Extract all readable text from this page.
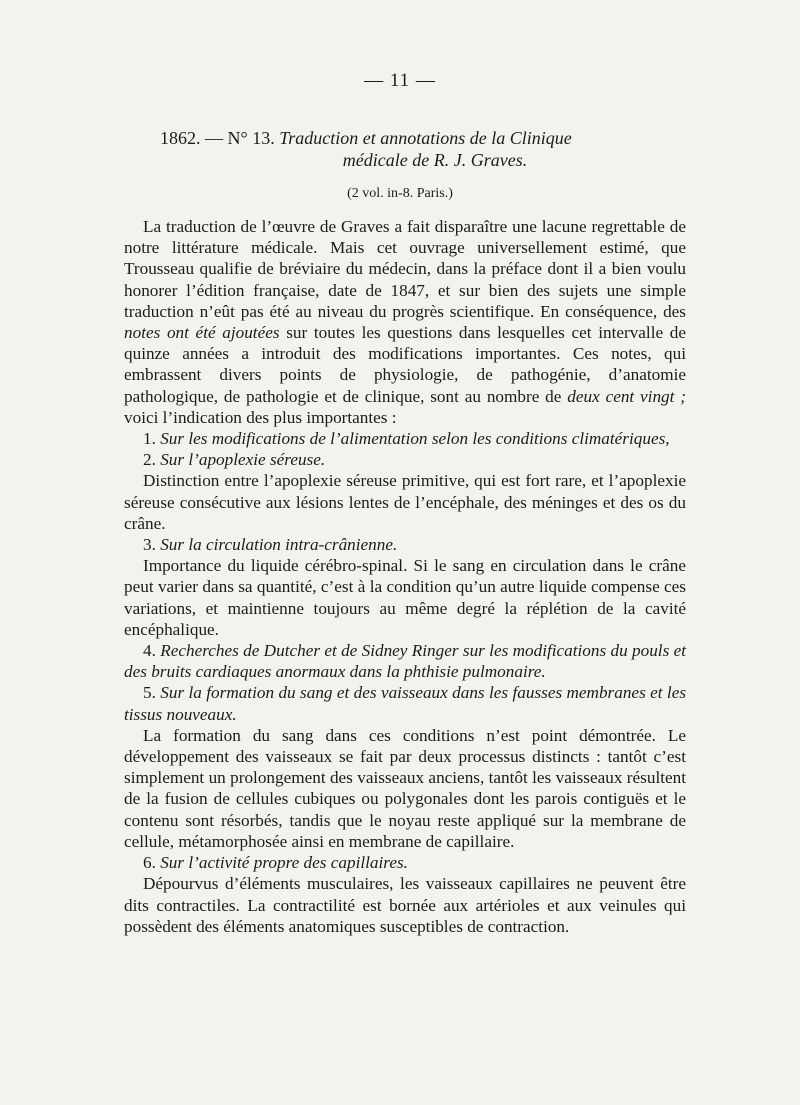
— 11 —
1862. — N° 13. Traduction et annotations de la Clinique
médicale de R. J. Graves.
(2 vol. in-8. Paris.)

La traduction de l’œuvre de Graves a fait disparaître une lacune regrettable de notre littérature médicale. Mais cet ouvrage universellement estimé, que Trousseau qualifie de bréviaire du médecin, dans la préface dont il a bien voulu honorer l’édition française, date de 1847, et sur bien des sujets une simple traduction n’eût pas été au niveau du progrès scientifique. En conséquence, des notes ont été ajoutées sur toutes les questions dans lesquelles cet intervalle de quinze années a introduit des modifications importantes. Ces notes, qui embrassent divers points de physiologie, de pathogénie, d’anatomie pathologique, de pathologie et de clinique, sont au nombre de deux cent vingt ; voici l’indication des plus importantes :

1. Sur les modifications de l’alimentation selon les conditions climatériques,

2. Sur l’apoplexie séreuse.

Distinction entre l’apoplexie séreuse primitive, qui est fort rare, et l’apoplexie séreuse consécutive aux lésions lentes de l’encéphale, des méninges et des os du crâne.

3. Sur la circulation intra-crânienne.

Importance du liquide cérébro-spinal. Si le sang en circulation dans le crâne peut varier dans sa quantité, c’est à la condition qu’un autre liquide compense ces variations, et maintienne toujours au même degré la réplétion de la cavité encéphalique.

4. Recherches de Dutcher et de Sidney Ringer sur les modifications du pouls et des bruits cardiaques anormaux dans la phthisie pulmonaire.

5. Sur la formation du sang et des vaisseaux dans les fausses membranes et les tissus nouveaux.

La formation du sang dans ces conditions n’est point démontrée. Le développement des vaisseaux se fait par deux processus distincts : tantôt c’est simplement un prolongement des vaisseaux anciens, tantôt les vaisseaux résultent de la fusion de cellules cubiques ou polygonales dont les parois contiguës et le contenu sont résorbés, tandis que le noyau reste appliqué sur la membrane de cellule, métamorphosée ainsi en membrane de capillaire.

6. Sur l’activité propre des capillaires.

Dépourvus d’éléments musculaires, les vaisseaux capillaires ne peuvent être dits contractiles. La contractilité est bornée aux artérioles et aux veinules qui possèdent des éléments anatomiques susceptibles de contraction.
